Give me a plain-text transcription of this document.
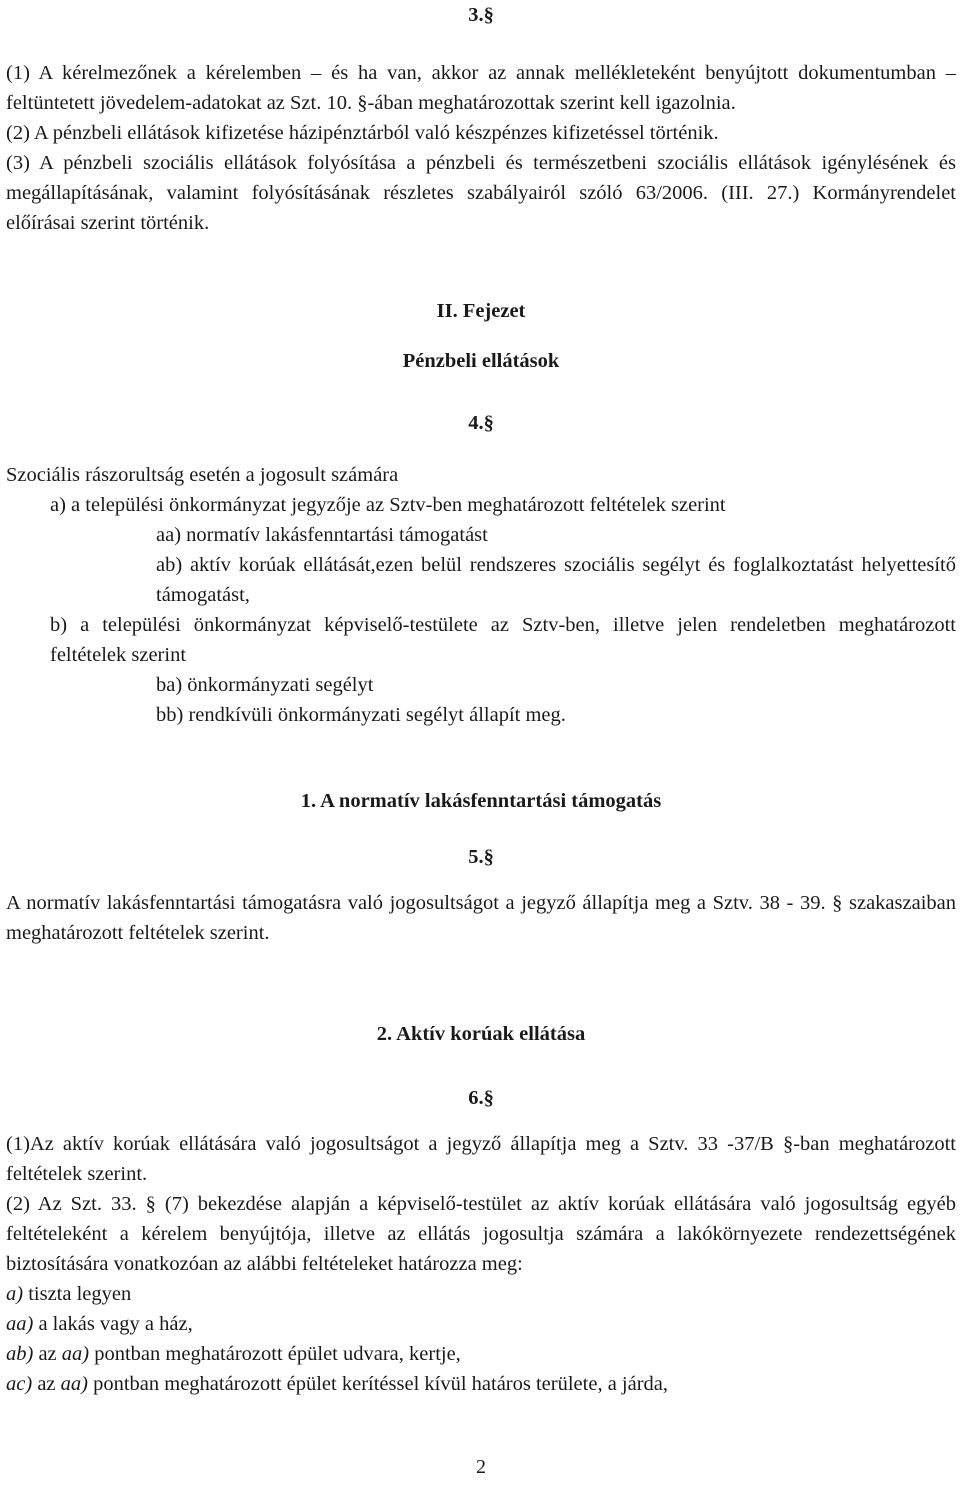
3.§

(1) A kérelmezőnek a kérelemben – és ha van, akkor az annak mellékleteként benyújtott dokumentumban – feltüntetett jövedelem-adatokat az Szt. 10. §-ában meghatározottak szerint kell igazolnia.

(2) A pénzbeli ellátások kifizetése házipénztárból való készpénzes kifizetéssel történik.

(3) A pénzbeli szociális ellátások folyósítása a pénzbeli és természetbeni szociális ellátások igénylésének és megállapításának, valamint folyósításának részletes szabályairól szóló 63/2006. (III. 27.) Kormányrendelet előírásai szerint történik.

II. Fejezet

Pénzbeli ellátások

4.§

Szociális rászorultság esetén a jogosult számára

a) a települési önkormányzat jegyzője az Sztv-ben meghatározott feltételek szerint

aa) normatív lakásfenntartási támogatást

ab) aktív korúak ellátását,ezen belül rendszeres szociális segélyt és foglalkoztatást helyettesítő támogatást,

b) a települési önkormányzat képviselő-testülete az Sztv-ben, illetve jelen rendeletben meghatározott feltételek szerint

ba) önkormányzati segélyt

bb) rendkívüli önkormányzati segélyt állapít meg.

1. A normatív lakásfenntartási támogatás

5.§

A normatív lakásfenntartási támogatásra való jogosultságot a jegyző állapítja meg a Sztv. 38 - 39. § szakaszaiban meghatározott feltételek szerint.

2. Aktív korúak ellátása

6.§

(1)Az aktív korúak ellátására való jogosultságot a jegyző állapítja meg a Sztv. 33 -37/B §-ban meghatározott feltételek szerint.

(2) Az Szt. 33. § (7) bekezdése alapján a képviselő-testület az aktív korúak ellátására való jogosultság egyéb feltételeként a kérelem benyújtója, illetve az ellátás jogosultja számára a lakókörnyezete rendezettségének biztosítására vonatkozóan az alábbi feltételeket határozza meg:

a) tiszta legyen

aa) a lakás vagy a ház,

ab) az aa) pontban meghatározott épület udvara, kertje,

ac) az aa) pontban meghatározott épület kerítéssel kívül határos területe, a járda,

2
